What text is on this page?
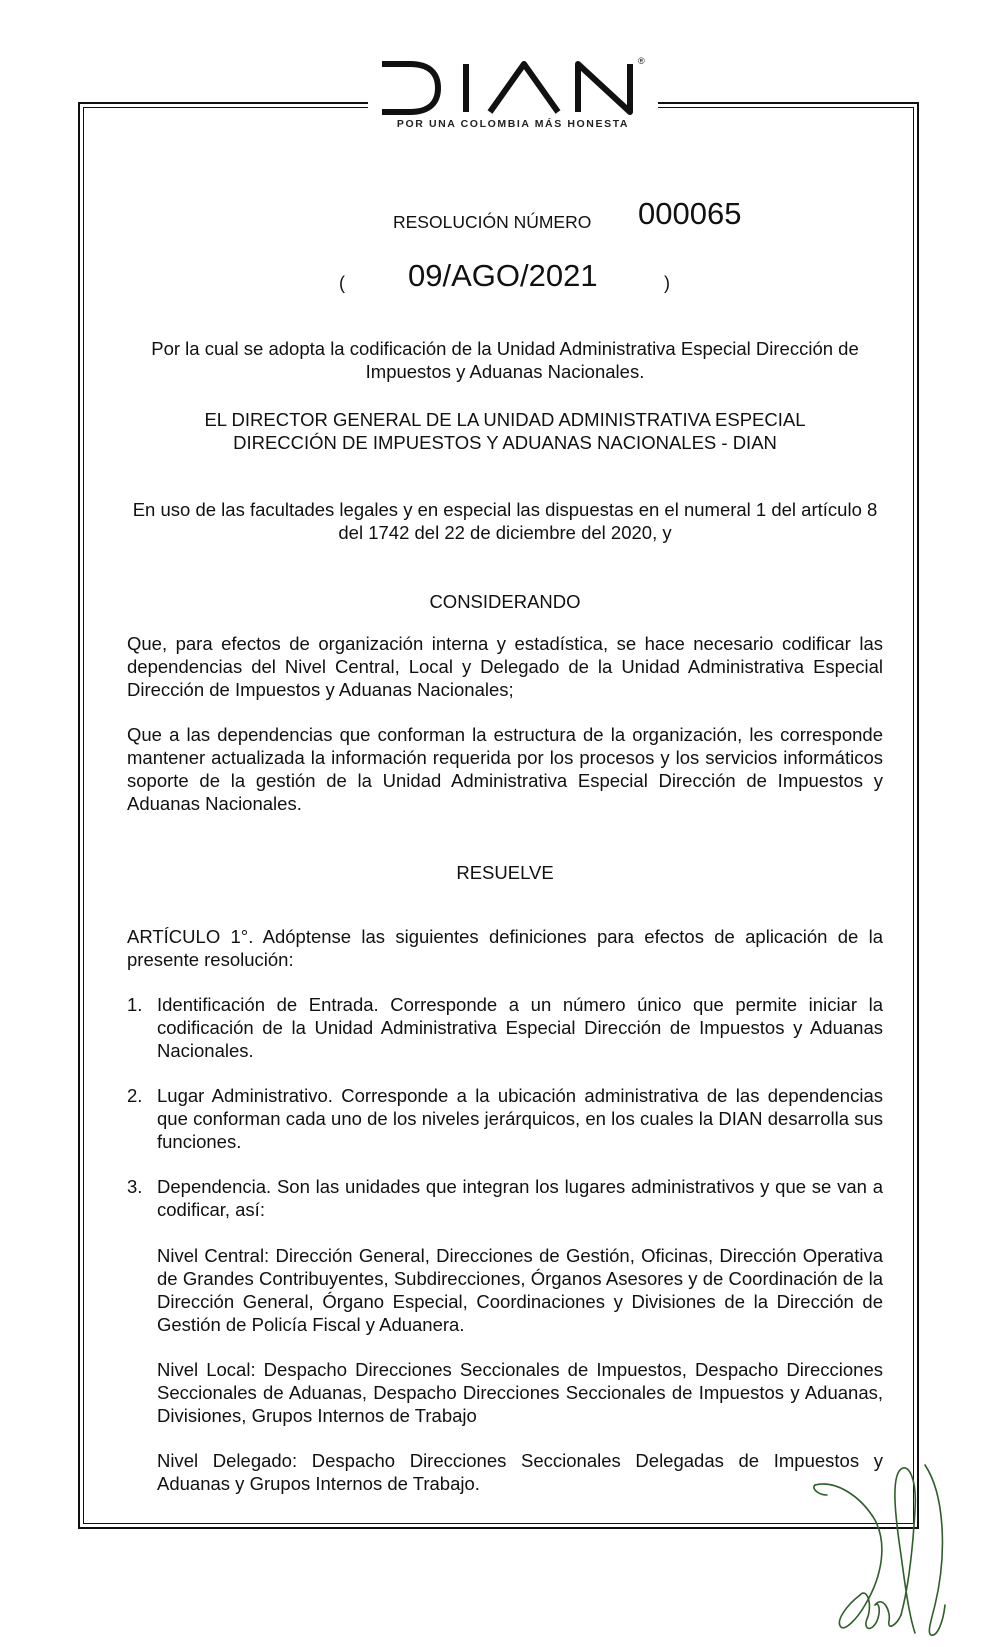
®
POR UNA COLOMBIA MÁS HONESTA
RESOLUCIÓN NÚMERO 000065
( 09/AGO/2021	)
Por la cual se adopta la codificación de la Unidad Administrativa Especial Dirección de Impuestos y Aduanas Nacionales.
EL DIRECTOR GENERAL DE LA UNIDAD ADMINISTRATIVA ESPECIAL
DIRECCIÓN DE IMPUESTOS Y ADUANAS NACIONALES - DIAN
En uso de las facultades legales y en especial las dispuestas en el numeral 1 del artículo 8 del 1742 del 22 de diciembre del 2020, y
CONSIDERANDO
Que, para efectos de organización interna y estadística, se hace necesario codificar las dependencias del Nivel Central, Local y Delegado de la Unidad Administrativa Especial Dirección de Impuestos y Aduanas Nacionales;
Que a las dependencias que conforman la estructura de la organización, les corresponde mantener actualizada la información requerida por los procesos y los servicios informáticos soporte de la gestión de la Unidad Administrativa Especial Dirección de Impuestos y Aduanas Nacionales.
RESUELVE
ARTÍCULO 1°. Adóptense las siguientes definiciones para efectos de aplicación de la presente resolución:
1. Identificación de Entrada. Corresponde a un número único que permite iniciar la codificación de la Unidad Administrativa Especial Dirección de Impuestos y Aduanas Nacionales.
2. Lugar Administrativo. Corresponde a la ubicación administrativa de las dependencias que conforman cada uno de los niveles jerárquicos, en los cuales la DIAN desarrolla sus funciones.
3. Dependencia. Son las unidades que integran los lugares administrativos y que se van a codificar, así:
Nivel Central: Dirección General, Direcciones de Gestión, Oficinas, Dirección Operativa de Grandes Contribuyentes, Subdirecciones, Órganos Asesores y de Coordinación de la Dirección General, Órgano Especial, Coordinaciones y Divisiones de la Dirección de Gestión de Policía Fiscal y Aduanera.
Nivel Local: Despacho Direcciones Seccionales de Impuestos, Despacho Direcciones Seccionales de Aduanas, Despacho Direcciones Seccionales de Impuestos y Aduanas, Divisiones, Grupos Internos de Trabajo
Nivel Delegado: Despacho Direcciones Seccionales Delegadas de Impuestos y Aduanas y Grupos Internos de Trabajo.
